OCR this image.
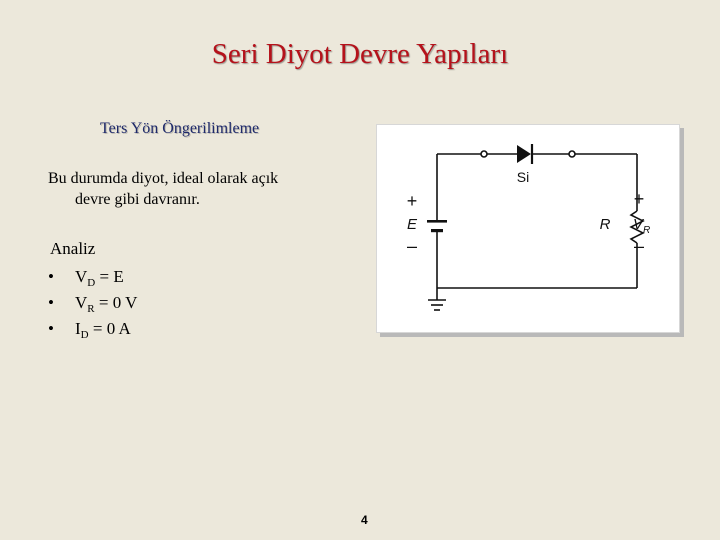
Seri Diyot Devre Yapıları
Ters Yön Öngerilimleme
Bu durumda diyot, ideal olarak açık
devre gibi davranır.
Analiz
• $V_D = E$
• $V_R = 0$ V
• $I_D = 0$ A
Si
+
E
–
R
+
$V_R$
–
4
